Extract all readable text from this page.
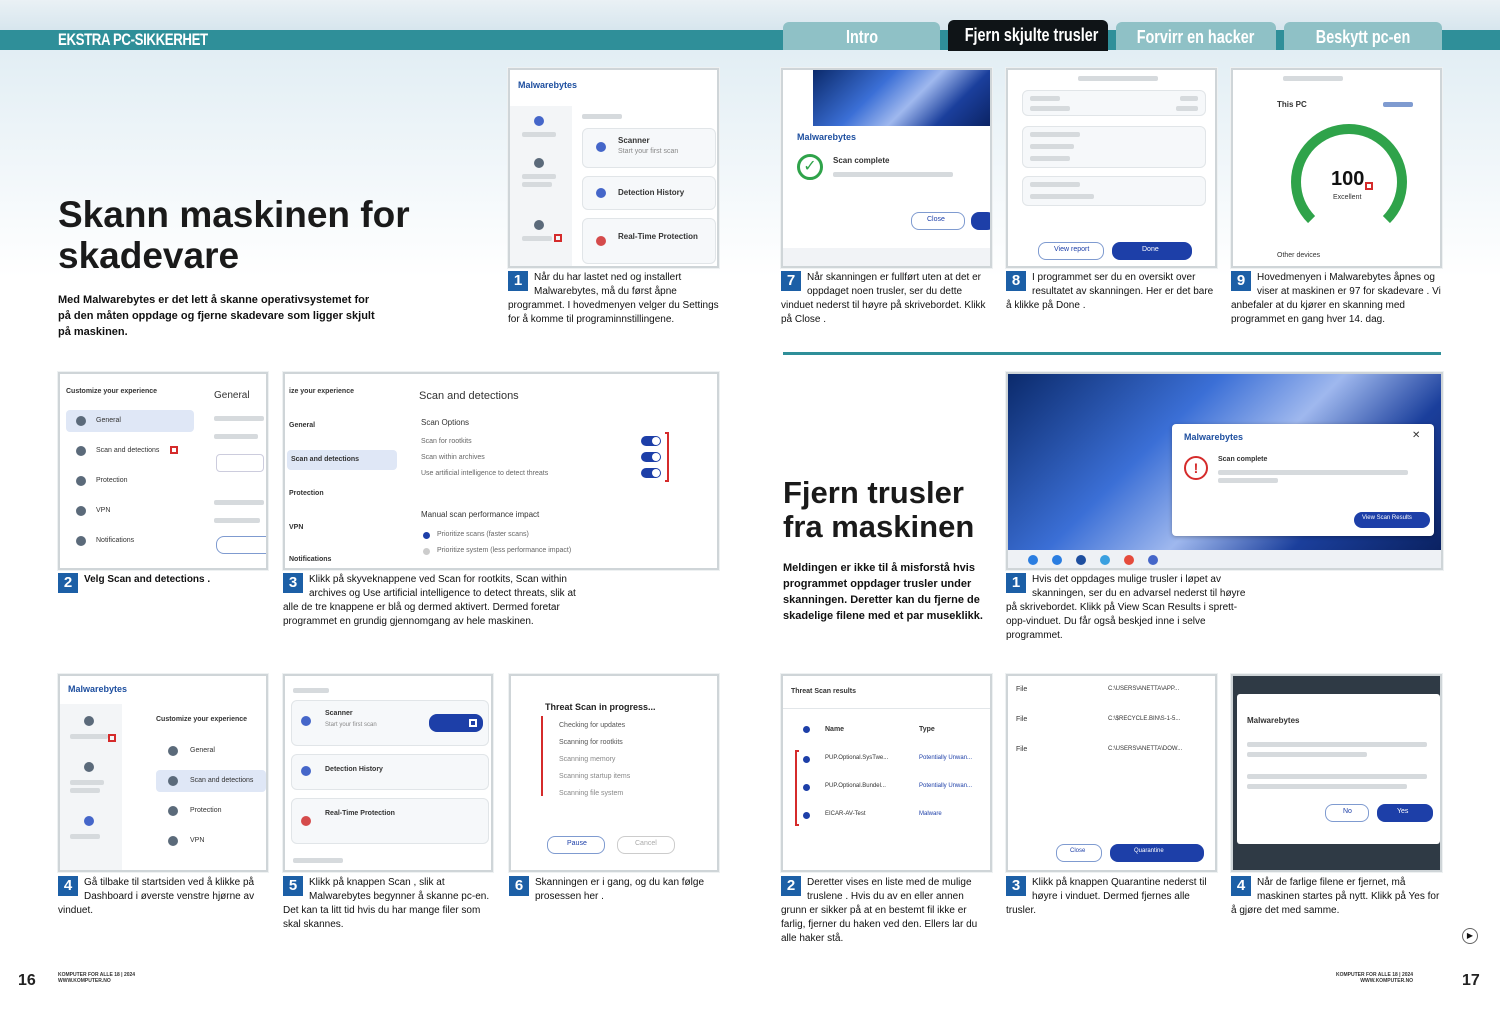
EKSTRA PC-SIKKERHET	Intro	Fjern skjulte trusler	Forvirr en hacker	Beskytt pc-en
Skann maskinen for skadevare
Med Malwarebytes er det lett å skanne operativsystemet for på den måten oppdage og fjerne skadevare som ligger skjult på maskinen.
Malwarebytes
Scanner
Start your first scan
Detection History
Real-Time Protection
1	Når du har lastet ned og installert Malwarebytes, må du først åpne programmet. I hovedmenyen velger du Settings for å komme til programinnstillingene.
Customize your experience	General
General
Scan and detections
Protection
VPN
Notifications
2	Velg Scan and detections .
ize your experience	Scan and detections
General
Scan and detections
Protection
VPN
Notifications
Scan Options
Scan for rootkits
Scan within archives
Use artificial intelligence to detect threats
Manual scan performance impact
Prioritize scans (faster scans)
Prioritize system (less performance impact)
3	Klikk på skyveknappene ved Scan for rootkits, Scan within archives og Use artificial intelligence to detect threats, slik at alle de tre knappene er blå og dermed aktivert. Dermed foretar programmet en grundig gjennomgang av hele maskinen.
Malwarebytes
Customize your experience
General
Scan and detections
Protection
VPN
4	Gå tilbake til startsiden ved å klikke på Dashboard i øverste venstre hjørne av vinduet.
Scanner
Start your first scan
Detection History
Real-Time Protection
5	Klikk på knappen Scan , slik at Malwarebytes begynner å skanne pc-en. Det kan ta litt tid hvis du har mange filer som skal skannes.
Threat Scan in progress...
Checking for updates
Scanning for rootkits
Scanning memory
Scanning startup items
Scanning file system
Pause	Cancel
6	Skanningen er i gang, og du kan følge prosessen her .
Malwarebytes
✓	Scan complete
Close
7	Når skanningen er fullført uten at det er oppdaget noen trusler, ser du dette vinduet nederst til høyre på skrivebordet. Klikk på Close .
View report	Done
8	I programmet ser du en oversikt over resultatet av skanningen. Her er det bare å klikke på Done .
This PC
100
Excellent
Other devices
9	Hovedmenyen i Malwarebytes åpnes og viser at maskinen er 97 for skadevare . Vi anbefaler at du kjører en skanning med programmet en gang hver 14. dag.
Fjern trusler fra maskinen
Meldingen er ikke til å misforstå hvis programmet oppdager trusler under skanningen. Deretter kan du fjerne de skadelige filene med et par museklikk.
Malwarebytes	✕
!
Scan complete
View Scan Results
1	Hvis det oppdages mulige trusler i løpet av skanningen, ser du en advarsel nederst til høyre på skrivebordet. Klikk på View Scan Results i sprett-opp-vinduet. Du får også beskjed inne i selve programmet.
Threat Scan results
Name	Type
PUP.Optional.SysTwe...	Potentially Unwan...
PUP.Optional.Bundel...	Potentially Unwan...
EICAR-AV-Test	Malware
2	Deretter vises en liste med de mulige truslene . Hvis du av en eller annen grunn er sikker på at en bestemt fil ikke er farlig, fjerner du haken ved den. Ellers lar du alle haker stå.
File	C:\USERS\ANETTA\APP...
File	C:\$RECYCLE.BIN\S-1-5...
File	C:\USERS\ANETTA\DOW...
Close	Quarantine
3	Klikk på knappen Quarantine nederst til høyre i vinduet. Dermed fjernes alle trusler.
Malwarebytes
No	Yes
4	Når de farlige filene er fjernet, må maskinen startes på nytt. Klikk på Yes for å gjøre det med samme.
▶
16	KOMPUTER FOR ALLE 18 | 2024
WWW.KOMPUTER.NO
KOMPUTER FOR ALLE 18 | 2024
WWW.KOMPUTER.NO	17
